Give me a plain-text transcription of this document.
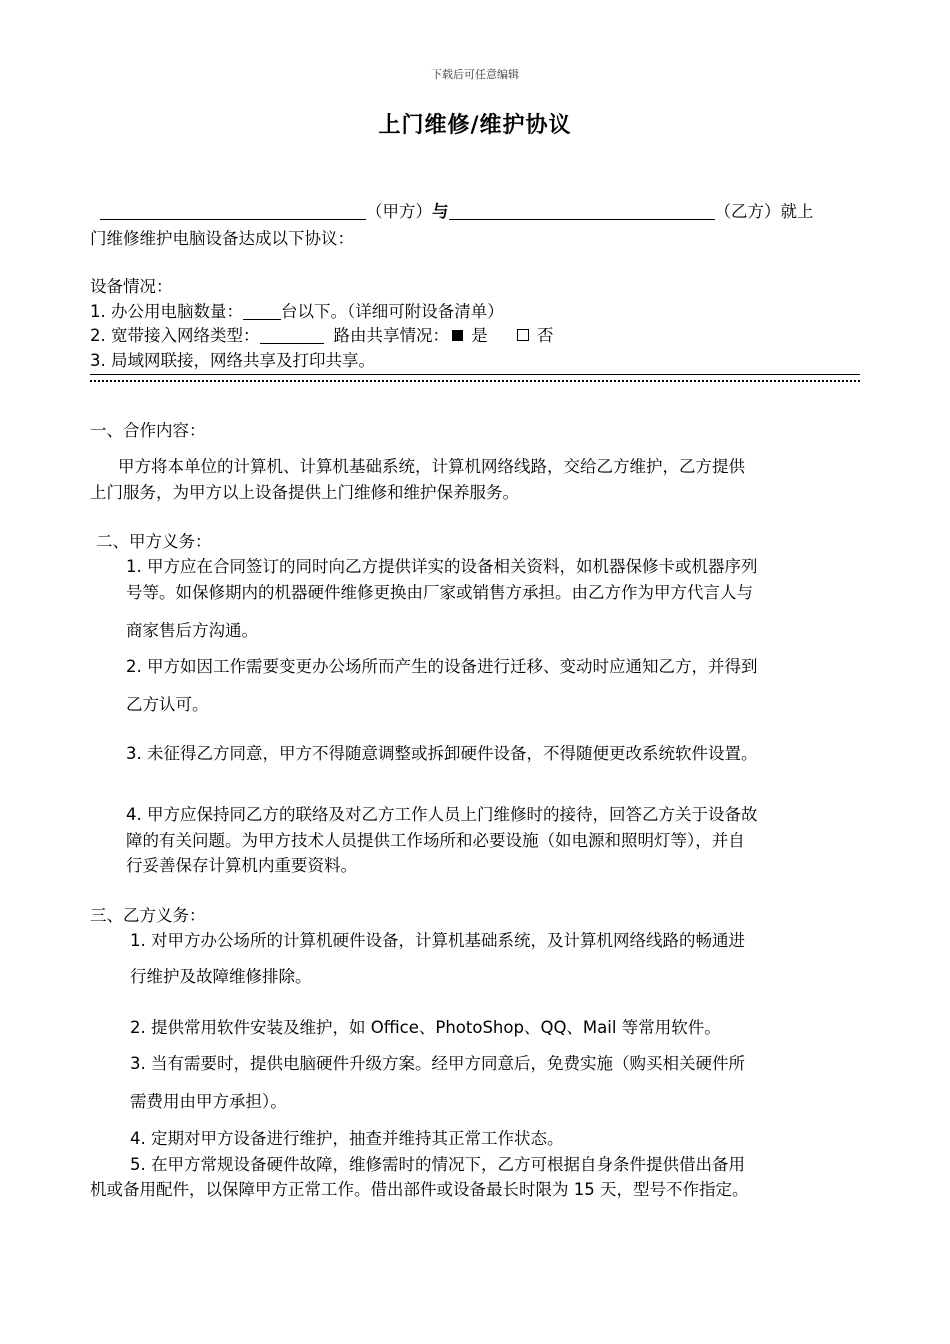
下载后可任意编辑
上门维修/维护协议
（甲方）与	（乙方）就上
门维修维护电脑设备达成以下协议：
设备情况：
1. 办公用电脑数量： 台以下。（详细可附设备清单）
2. 宽带接入网络类型：	路由共享情况： 是	否
3. 局域网联接，网络共享及打印共享。
一、合作内容：
甲方将本单位的计算机、计算机基础系统，计算机网络线路，交给乙方维护，乙方提供
上门服务，为甲方以上设备提供上门维修和维护保养服务。
二、甲方义务：
1. 甲方应在合同签订的同时向乙方提供详实的设备相关资料，如机器保修卡或机器序列
号等。如保修期内的机器硬件维修更换由厂家或销售方承担。由乙方作为甲方代言人与
商家售后方沟通。
2. 甲方如因工作需要变更办公场所而产生的设备进行迁移、变动时应通知乙方，并得到
乙方认可。
3. 未征得乙方同意，甲方不得随意调整或拆卸硬件设备，不得随便更改系统软件设置。
4. 甲方应保持同乙方的联络及对乙方工作人员上门维修时的接待，回答乙方关于设备故
障的有关问题。为甲方技术人员提供工作场所和必要设施（如电源和照明灯等），并自
行妥善保存计算机内重要资料。
三、乙方义务：
1. 对甲方办公场所的计算机硬件设备，计算机基础系统，及计算机网络线路的畅通进
行维护及故障维修排除。
2. 提供常用软件安装及维护，如 Office、PhotoShop、QQ、Mail 等常用软件。
3. 当有需要时，提供电脑硬件升级方案。经甲方同意后，免费实施（购买相关硬件所
需费用由甲方承担）。
4. 定期对甲方设备进行维护，抽查并维持其正常工作状态。
5. 在甲方常规设备硬件故障，维修需时的情况下，乙方可根据自身条件提供借出备用
机或备用配件，以保障甲方正常工作。借出部件或设备最长时限为 15 天，型号不作指定。
